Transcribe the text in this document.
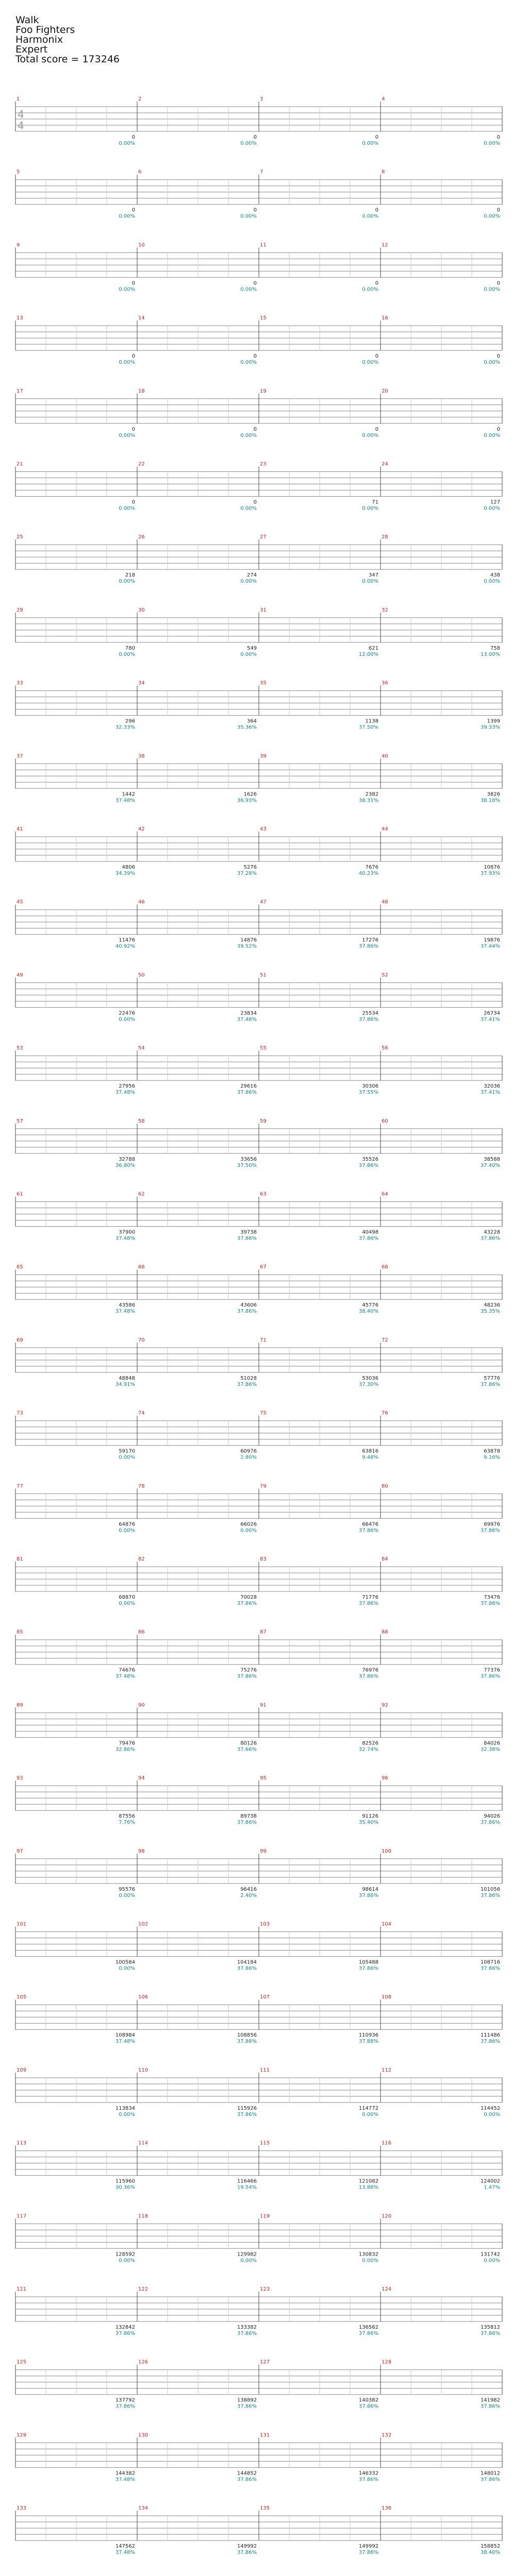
Walk
Foo Fighters
Harmonix
Expert
Total score = 173246
1
0
0.00%
2
0
0.00%
3
0
0.00%
4
0
0.00%
4
4
5
0
0.00%
6
0
0.00%
7
0
0.00%
8
0
0.00%
9
0
0.00%
10
0
0.00%
11
0
0.00%
12
0
0.00%
13
0
0.00%
14
0
0.00%
15
0
0.00%
16
0
0.00%
17
0
0.00%
18
0
0.00%
19
0
0.00%
20
0
0.00%
21
0
0.00%
22
0
0.00%
23
71
0.00%
24
127
0.00%
25
218
0.00%
26
274
0.00%
27
347
0.00%
28
438
0.00%
29
780
0.00%
30
549
0.00%
31
621
12.00%
32
758
13.00%
33
296
32.33%
34
364
35.36%
35
1138
37.50%
36
1399
39.33%
37
1442
37.48%
38
1626
36.93%
39
2382
38.31%
40
3826
38.18%
41
4806
34.39%
42
5276
37.28%
43
7676
40.23%
44
10876
37.93%
45
11476
40.92%
46
14876
39.52%
47
17276
37.86%
48
19876
37.44%
49
22476
0.00%
50
23834
37.48%
51
25534
37.86%
52
26734
37.41%
53
27956
37.48%
54
29616
37.86%
55
30306
37.55%
56
32036
37.41%
57
32788
36.80%
58
33656
37.50%
59
35526
37.86%
60
38588
37.40%
61
37900
37.48%
62
39738
37.86%
63
40498
37.86%
64
43228
37.86%
65
43586
37.48%
66
43606
37.86%
67
45776
38.40%
68
48236
35.35%
69
48848
34.91%
70
51028
37.86%
71
53036
37.30%
72
57776
37.86%
73
59170
0.00%
74
60976
2.80%
75
63816
9.48%
76
63878
9.16%
77
64876
0.00%
78
66026
0.00%
79
66476
37.86%
80
69976
37.86%
81
68870
0.00%
82
70028
37.86%
83
71776
37.86%
84
73476
37.86%
85
74676
37.48%
86
75276
37.86%
87
76976
37.86%
88
77376
37.86%
89
79476
32.86%
90
80126
37.66%
91
82526
32.74%
92
84026
32.38%
93
87556
7.76%
94
89738
37.86%
95
91126
35.40%
96
94026
37.86%
97
95576
0.00%
98
96416
2.40%
99
98614
37.86%
100
101056
37.86%
101
100584
0.00%
102
104184
37.86%
103
105488
37.86%
104
108716
37.86%
105
108984
37.48%
106
108856
37.86%
107
110936
37.88%
108
111486
37.86%
109
113834
0.00%
110
115926
37.86%
111
114772
0.00%
112
114452
0.00%
113
115960
30.36%
114
116466
19.54%
115
121082
13.88%
116
124002
1.47%
117
128592
0.00%
118
129982
0.00%
119
130832
0.00%
120
131742
0.00%
121
132842
37.86%
122
133382
37.86%
123
136562
37.86%
124
135812
37.86%
125
137792
37.86%
126
138892
37.86%
127
140382
37.86%
128
141982
37.86%
129
144382
37.48%
130
144852
37.86%
131
146332
37.86%
132
148012
37.86%
133
147562
37.48%
134
149992
37.86%
135
149992
37.86%
136
158852
38.40%
